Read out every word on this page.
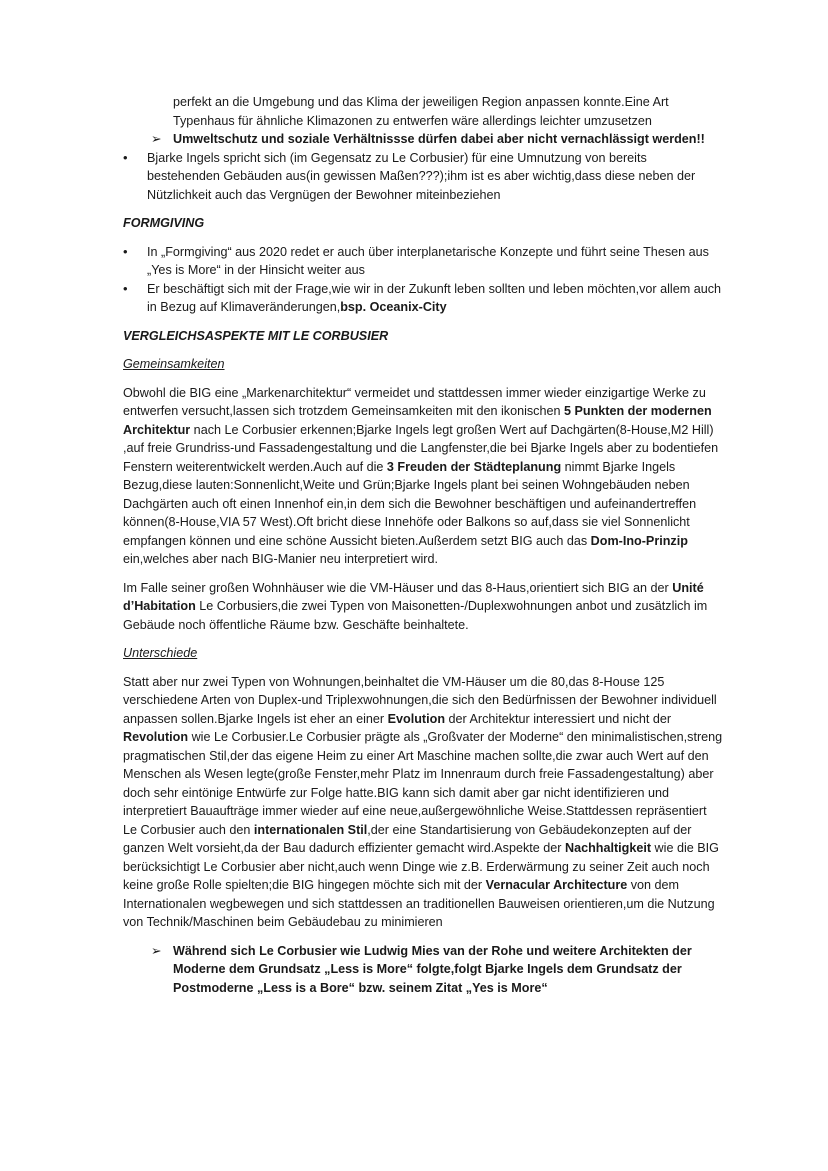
perfekt an die Umgebung und das Klima der jeweiligen Region anpassen konnte.Eine Art Typenhaus für ähnliche Klimazonen zu entwerfen wäre allerdings leichter umzusetzen

➢ Umweltschutz und soziale Verhältnissse dürfen dabei aber nicht vernachlässigt werden!!
• Bjarke Ingels spricht sich (im Gegensatz zu Le Corbusier) für eine Umnutzung von bereits bestehenden Gebäuden aus(in gewissen Maßen???);ihm ist es aber wichtig,dass diese neben der Nützlichkeit auch das Vergnügen der Bewohner miteinbeziehen

FORMGIVING

• In „Formgiving“ aus 2020 redet er auch über interplanetarische Konzepte und führt seine Thesen aus „Yes is More“ in der Hinsicht weiter aus
• Er beschäftigt sich mit der Frage,wie wir in der Zukunft leben sollten und leben möchten,vor allem auch in Bezug auf Klimaveränderungen,bsp. Oceanix-City

VERGLEICHSASPEKTE MIT LE CORBUSIER

Gemeinsamkeiten

Obwohl die BIG eine „Markenarchitektur“ vermeidet und stattdessen immer wieder einzigartige Werke zu entwerfen versucht,lassen sich trotzdem Gemeinsamkeiten mit den ikonischen 5 Punkten der modernen Architektur nach Le Corbusier erkennen;Bjarke Ingels legt großen Wert auf Dachgärten(8-House,M2 Hill) ,auf freie Grundriss-und Fassadengestaltung und die Langfenster,die bei Bjarke Ingels aber zu bodentiefen Fenstern weiterentwickelt werden.Auch auf die 3 Freuden der Städteplanung nimmt Bjarke Ingels Bezug,diese lauten:Sonnenlicht,Weite und Grün;Bjarke Ingels plant bei seinen Wohngebäuden neben Dachgärten auch oft einen Innenhof ein,in dem sich die Bewohner beschäftigen und aufeinandertreffen können(8-House,VIA 57 West).Oft bricht diese Innehöfe oder Balkons so auf,dass sie viel Sonnenlicht empfangen können und eine schöne Aussicht bieten.Außerdem setzt BIG auch das Dom-Ino-Prinzip ein,welches aber nach BIG-Manier neu interpretiert wird.

Im Falle seiner großen Wohnhäuser wie die VM-Häuser und das 8-Haus,orientiert sich BIG an der Unité d’Habitation Le Corbusiers,die zwei Typen von Maisonetten-/Duplexwohnungen anbot und zusätzlich im Gebäude noch öffentliche Räume bzw. Geschäfte beinhaltete.

Unterschiede

Statt aber nur zwei Typen von Wohnungen,beinhaltet die VM-Häuser um die 80,das 8-House 125 verschiedene Arten von Duplex-und Triplexwohnungen,die sich den Bedürfnissen der Bewohner individuell anpassen sollen.Bjarke Ingels ist eher an einer Evolution der Architektur interessiert und nicht der Revolution wie Le Corbusier.Le Corbusier prägte als „Großvater der Moderne“ den minimalistischen,streng pragmatischen Stil,der das eigene Heim zu einer Art Maschine machen sollte,die zwar auch Wert auf den Menschen als Wesen legte(große Fenster,mehr Platz im Innenraum durch freie Fassadengestaltung) aber doch sehr eintönige Entwürfe zur Folge hatte.BIG kann sich damit aber gar nicht identifizieren und interpretiert Bauaufträge immer wieder auf eine neue,außergewöhnliche Weise.Stattdessen repräsentiert Le Corbusier auch den internationalen Stil,der eine Standartisierung von Gebäudekonzepten auf der ganzen Welt vorsieht,da der Bau dadurch effizienter gemacht wird.Aspekte der Nachhaltigkeit wie die BIG berücksichtigt Le Corbusier aber nicht,auch wenn Dinge wie z.B. Erderwärmung zu seiner Zeit auch noch keine große Rolle spielten;die BIG hingegen möchte sich mit der Vernacular Architecture von dem Internationalen wegbewegen und sich stattdessen an traditionellen Bauweisen orientieren,um die Nutzung von Technik/Maschinen beim Gebäudebau zu minimieren

➢ Während sich Le Corbusier wie Ludwig Mies van der Rohe und weitere Architekten der Moderne dem Grundsatz „Less is More“ folgte,folgt Bjarke Ingels dem Grundsatz der Postmoderne „Less is a Bore“ bzw. seinem Zitat „Yes is More“
